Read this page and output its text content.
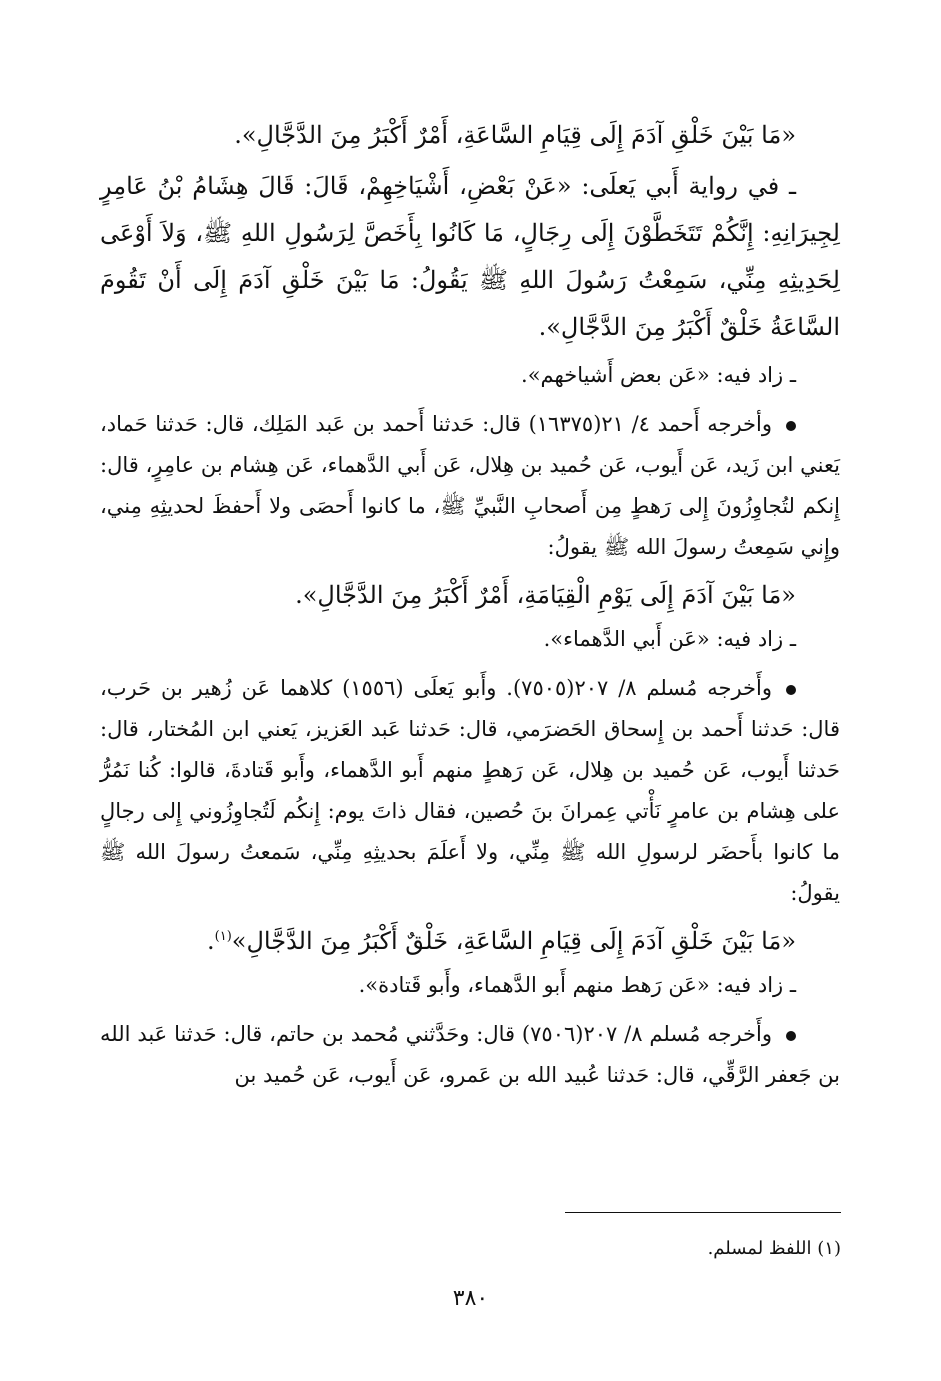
«مَا بَيْنَ خَلْقِ آدَمَ إِلَى قِيَامِ السَّاعَةِ، أَمْرٌ أَكْبَرُ مِنَ الدَّجَّالِ».

ـ في رواية أَبي يَعلَى: «عَنْ بَعْضِ، أَشْيَاخِهِمْ، قَالَ: قَالَ هِشَامُ بْنُ عَامِرٍ لِجِيرَانِهِ: إِنَّكُمْ تَتَخَطَّوْنَ إِلَى رِجَالٍ، مَا كَانُوا بِأَخَصَّ لِرَسُولِ اللهِ ﷺ، وَلاَ أَوْعَى لِحَدِيثِهِ مِنِّي، سَمِعْتُ رَسُولَ اللهِ ﷺ يَقُولُ: مَا بَيْنَ خَلْقِ آدَمَ إِلَى أَنْ تَقُومَ السَّاعَةُ خَلْقٌ أَكْبَرُ مِنَ الدَّجَّالِ».

ـ زاد فيه: «عَن بعض أَشياخهم».

وأخرجه أَحمد ٤/ ٢١(١٦٣٧٥) قال: حَدثنا أَحمد بن عَبد المَلِك، قال: حَدثنا حَماد، يَعني ابن زَيد، عَن أَيوب، عَن حُميد بن هِلال، عَن أَبي الدَّهماء، عَن هِشام بن عامِرٍ، قال: إِنكم لتُجاوِزُونَ إِلى رَهطٍ مِن أَصحابِ النَّبيِّ ﷺ، ما كانوا أَحصَى ولا أَحفظَ لحديثِهِ مِني، وإِني سَمِعتُ رسولَ الله ﷺ يقولُ:

«مَا بَيْنَ آدَمَ إِلَى يَوْمِ الْقِيَامَةِ، أَمْرٌ أَكْبَرُ مِنَ الدَّجَّالِ».

ـ زاد فيه: «عَن أَبي الدَّهماء».

وأَخرجه مُسلم ٨/ ٢٠٧(٧٥٠٥). وأَبو يَعلَى (١٥٥٦) كلاهما عَن زُهير بن حَرب، قال: حَدثنا أَحمد بن إِسحاق الحَضرَمي، قال: حَدثنا عَبد العَزيز، يَعني ابن المُختار، قال: حَدثنا أَيوب، عَن حُميد بن هِلال، عَن رَهطٍ منهم أَبو الدَّهماء، وأَبو قَتادةَ، قالوا: كُنا نَمُرُّ على هِشام بن عامرٍ نَأْتي عِمرانَ بنَ حُصين، فقال ذاتَ يوم: إِنكُم لَتُجاوِزُوني إِلى رجالٍ ما كانوا بأَحضَر لرسولِ الله ﷺ مِنِّي، ولا أَعلَمَ بحديثِهِ مِنِّي، سَمعتُ رسولَ الله ﷺ يقولُ:

«مَا بَيْنَ خَلْقِ آدَمَ إِلَى قِيَامِ السَّاعَةِ، خَلْقٌ أَكْبَرُ مِنَ الدَّجَّالِ»$^{(١)}$.

ـ زاد فيه: «عَن رَهط منهم أَبو الدَّهماء، وأَبو قَتادة».

وأَخرجه مُسلم ٨/ ٢٠٧(٧٥٠٦) قال: وحَدَّثني مُحمد بن حاتم، قال: حَدثنا عَبد الله بن جَعفر الرَّقِّي، قال: حَدثنا عُبيد الله بن عَمرو، عَن أَيوب، عَن حُميد بن

(١) اللفظ لمسلم.
٣٨٠
